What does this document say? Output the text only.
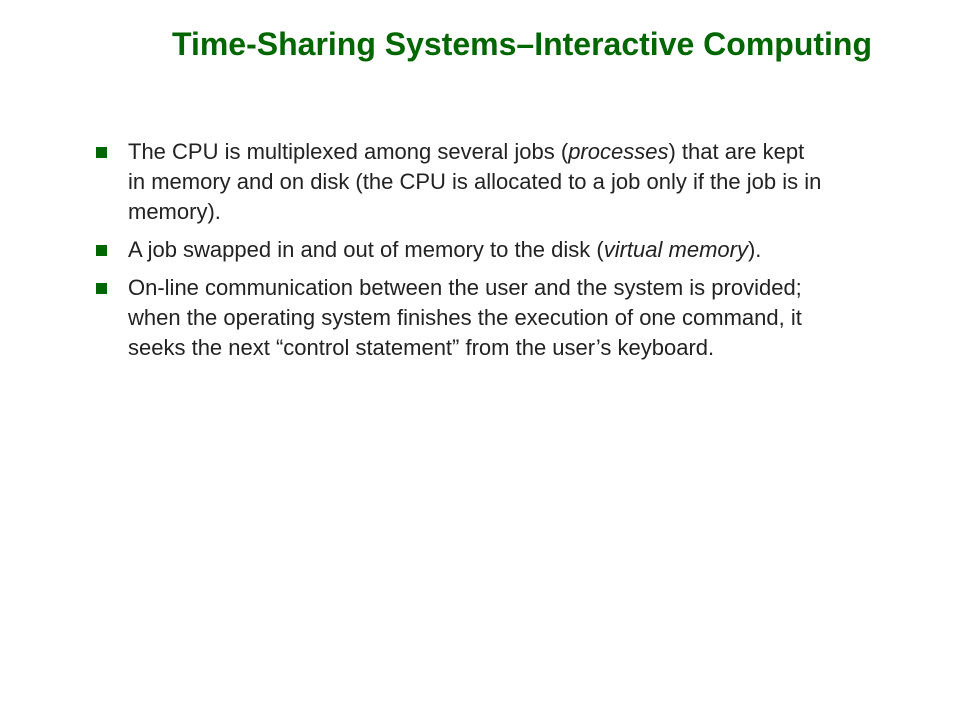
Time-Sharing Systems–Interactive Computing
The CPU is multiplexed among several jobs (processes) that are kept in memory and on disk (the CPU is allocated to a job only if the job is in memory).
A job swapped in and out of memory to the disk (virtual memory).
On-line communication between the user and the system is provided; when the operating system finishes the execution of one command, it seeks the next “control statement” from the user’s keyboard.
